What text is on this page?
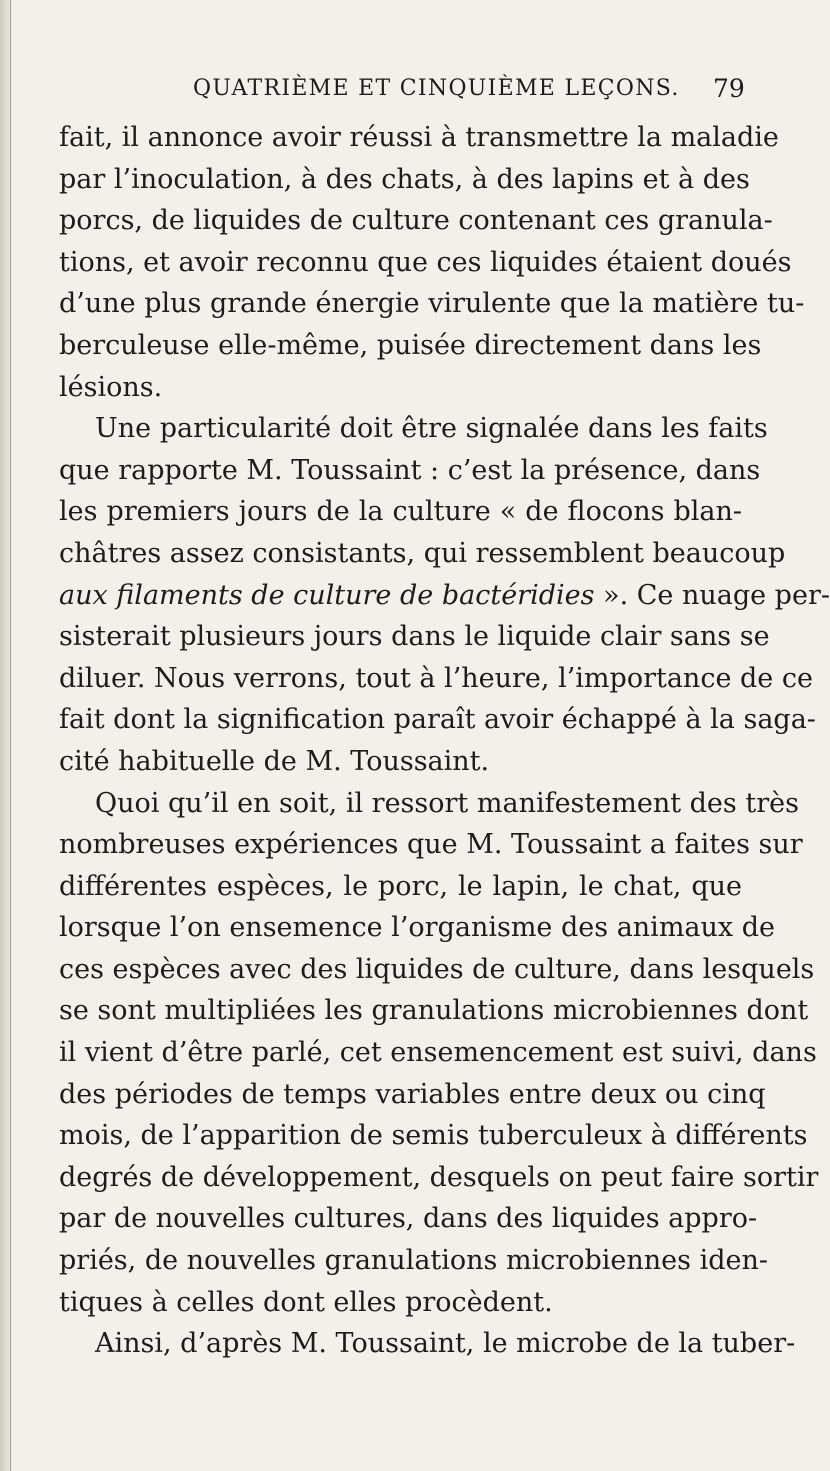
QUATRIÈME ET CINQUIÈME LEÇONS. 79
fait, il annonce avoir réussi à transmettre la maladie
par l’inoculation, à des chats, à des lapins et à des
porcs, de liquides de culture contenant ces granula-
tions, et avoir reconnu que ces liquides étaient doués
d’une plus grande énergie virulente que la matière tu-
berculeuse elle-même, puisée directement dans les
lésions.
Une particularité doit être signalée dans les faits
que rapporte M. Toussaint : c’est la présence, dans
les premiers jours de la culture « de flocons blan-
châtres assez consistants, qui ressemblent beaucoup
aux filaments de culture de bactéridies ». Ce nuage per-
sisterait plusieurs jours dans le liquide clair sans se
diluer. Nous verrons, tout à l’heure, l’importance de ce
fait dont la signification paraît avoir échappé à la saga-
cité habituelle de M. Toussaint.
Quoi qu’il en soit, il ressort manifestement des très
nombreuses expériences que M. Toussaint a faites sur
différentes espèces, le porc, le lapin, le chat, que
lorsque l’on ensemence l’organisme des animaux de
ces espèces avec des liquides de culture, dans lesquels
se sont multipliées les granulations microbiennes dont
il vient d’être parlé, cet ensemencement est suivi, dans
des périodes de temps variables entre deux ou cinq
mois, de l’apparition de semis tuberculeux à différents
degrés de développement, desquels on peut faire sortir
par de nouvelles cultures, dans des liquides appro-
priés, de nouvelles granulations microbiennes iden-
tiques à celles dont elles procèdent.
Ainsi, d’après M. Toussaint, le microbe de la tuber-
